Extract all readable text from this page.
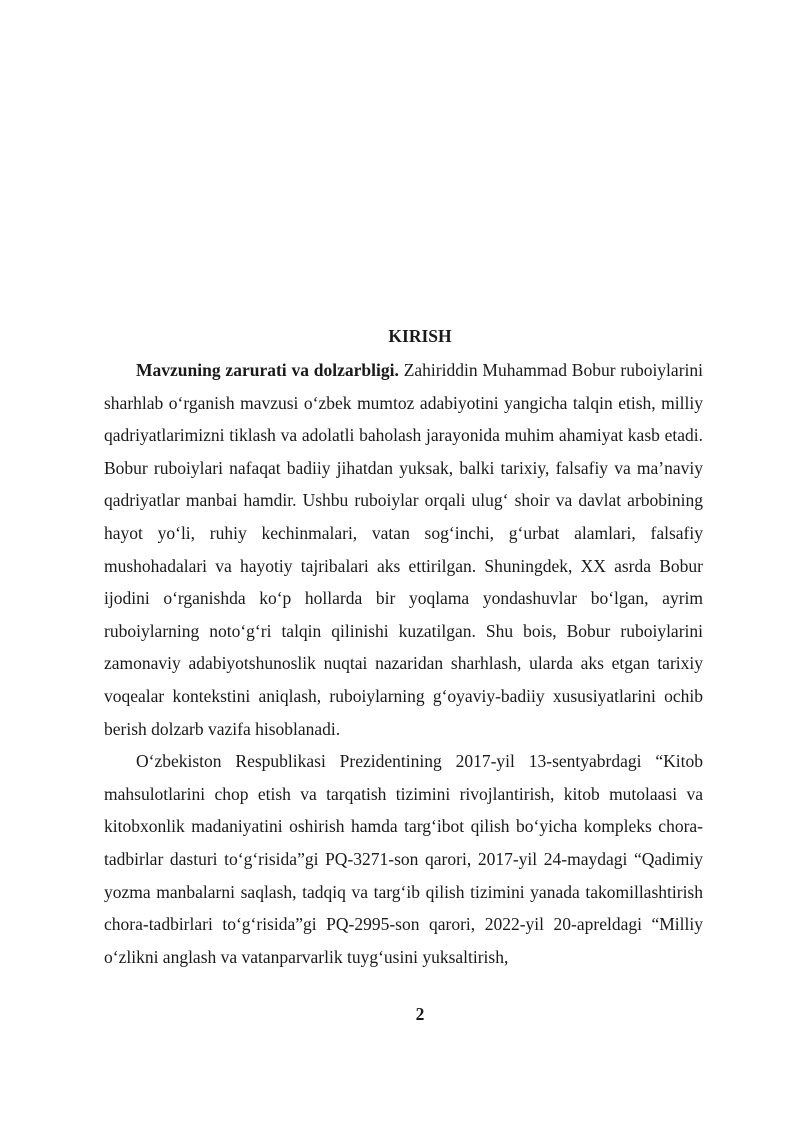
KIRISH

Mavzuning zarurati va dolzarbligi. Zahiriddin Muhammad Bobur ruboiylarini sharhlab o‘rganish mavzusi o‘zbek mumtoz adabiyotini yangicha talqin etish, milliy qadriyatlarimizni tiklash va adolatli baholash jarayonida muhim ahamiyat kasb etadi. Bobur ruboiylari nafaqat badiiy jihatdan yuksak, balki tarixiy, falsafiy va ma’naviy qadriyatlar manbai hamdir. Ushbu ruboiylar orqali ulug‘ shoir va davlat arbobining hayot yo‘li, ruhiy kechinmalari, vatan sog‘inchi, g‘urbat alamlari, falsafiy mushohadalari va hayotiy tajribalari aks ettirilgan. Shuningdek, XX asrda Bobur ijodini o‘rganishda ko‘p hollarda bir yoqlama yondashuvlar bo‘lgan, ayrim ruboiylarning noto‘g‘ri talqin qilinishi kuzatilgan. Shu bois, Bobur ruboiylarini zamonaviy adabiyotshunoslik nuqtai nazaridan sharhlash, ularda aks etgan tarixiy voqealar kontekstini aniqlash, ruboiylarning g‘oyaviy-badiiy xususiyatlarini ochib berish dolzarb vazifa hisoblanadi.

O‘zbekiston Respublikasi Prezidentining 2017-yil 13-sentyabrdagi “Kitob mahsulotlarini chop etish va tarqatish tizimini rivojlantirish, kitob mutolaasi va kitobxonlik madaniyatini oshirish hamda targ‘ibot qilish bo‘yicha kompleks chora-tadbirlar dasturi to‘g‘risida”gi PQ-3271-son qarori, 2017-yil 24-maydagi “Qadimiy yozma manbalarni saqlash, tadqiq va targ‘ib qilish tizimini yanada takomillashtirish chora-tadbirlari to‘g‘risida”gi PQ-2995-son qarori, 2022-yil 20-apreldagi “Milliy o‘zlikni anglash va vatanparvarlik tuyg‘usini yuksaltirish,

2
